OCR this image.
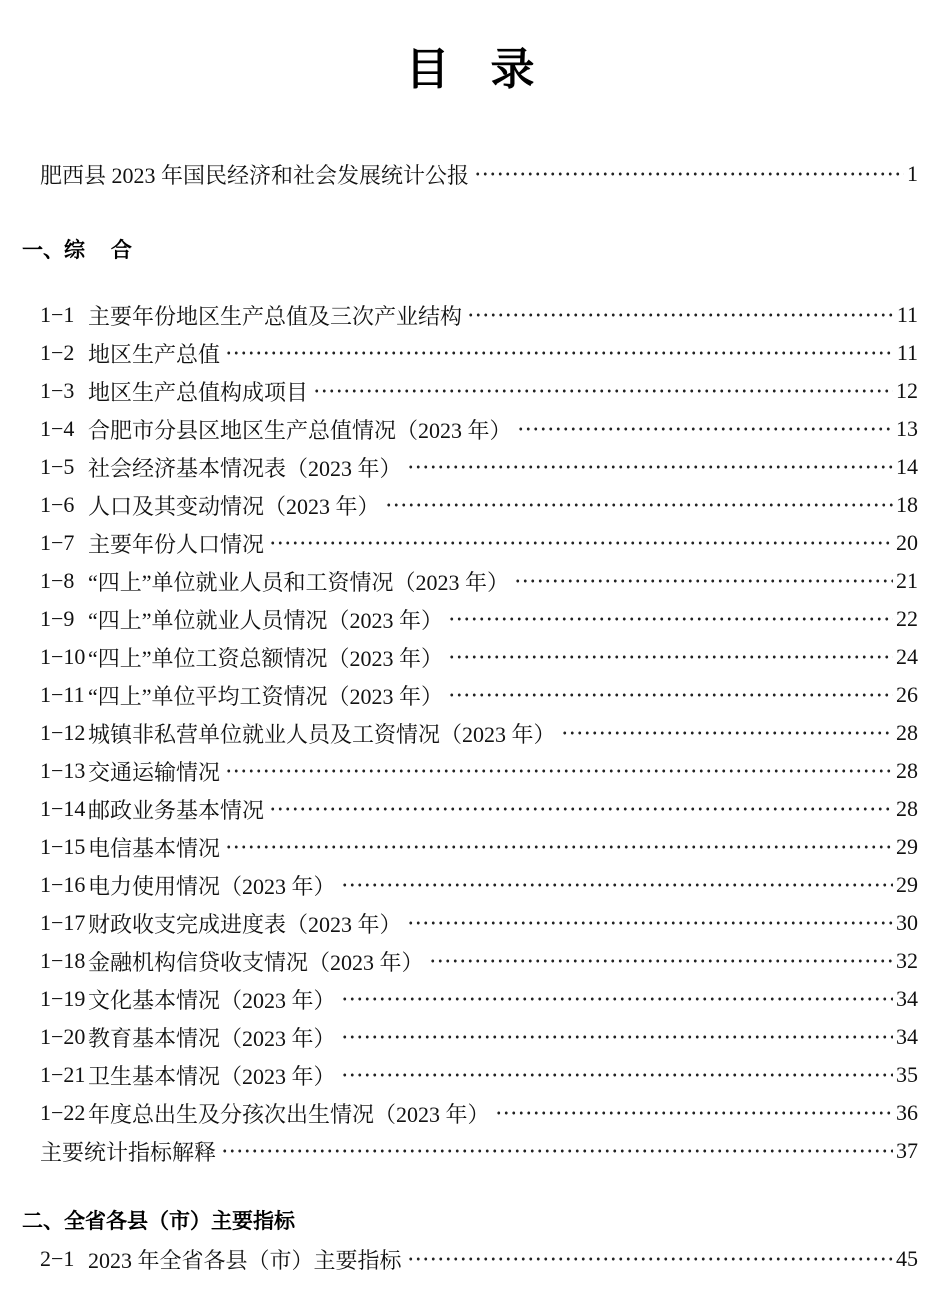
目 录
肥西县 2023 年国民经济和社会发展统计公报	1
一、综 合
1−1 主要年份地区生产总值及三次产业结构	11
1−2 地区生产总值	11
1−3 地区生产总值构成项目	12
1−4 合肥市分县区地区生产总值情况（2023 年）	13
1−5 社会经济基本情况表（2023 年）	14
1−6 人口及其变动情况（2023 年）	18
1−7 主要年份人口情况	20
1−8 “四上”单位就业人员和工资情况（2023 年）	21
1−9 “四上”单位就业人员情况（2023 年）	22
1−10 “四上”单位工资总额情况（2023 年）	24
1−11 “四上”单位平均工资情况（2023 年）	26
1−12 城镇非私营单位就业人员及工资情况（2023 年）	28
1−13 交通运输情况	28
1−14 邮政业务基本情况	28
1−15 电信基本情况	29
1−16 电力使用情况（2023 年）	29
1−17 财政收支完成进度表（2023 年）	30
1−18 金融机构信贷收支情况（2023 年）	32
1−19 文化基本情况（2023 年）	34
1−20 教育基本情况（2023 年）	34
1−21 卫生基本情况（2023 年）	35
1−22 年度总出生及分孩次出生情况（2023 年）	36
主要统计指标解释	37
二、全省各县（市）主要指标
2−1 2023 年全省各县（市）主要指标	45
